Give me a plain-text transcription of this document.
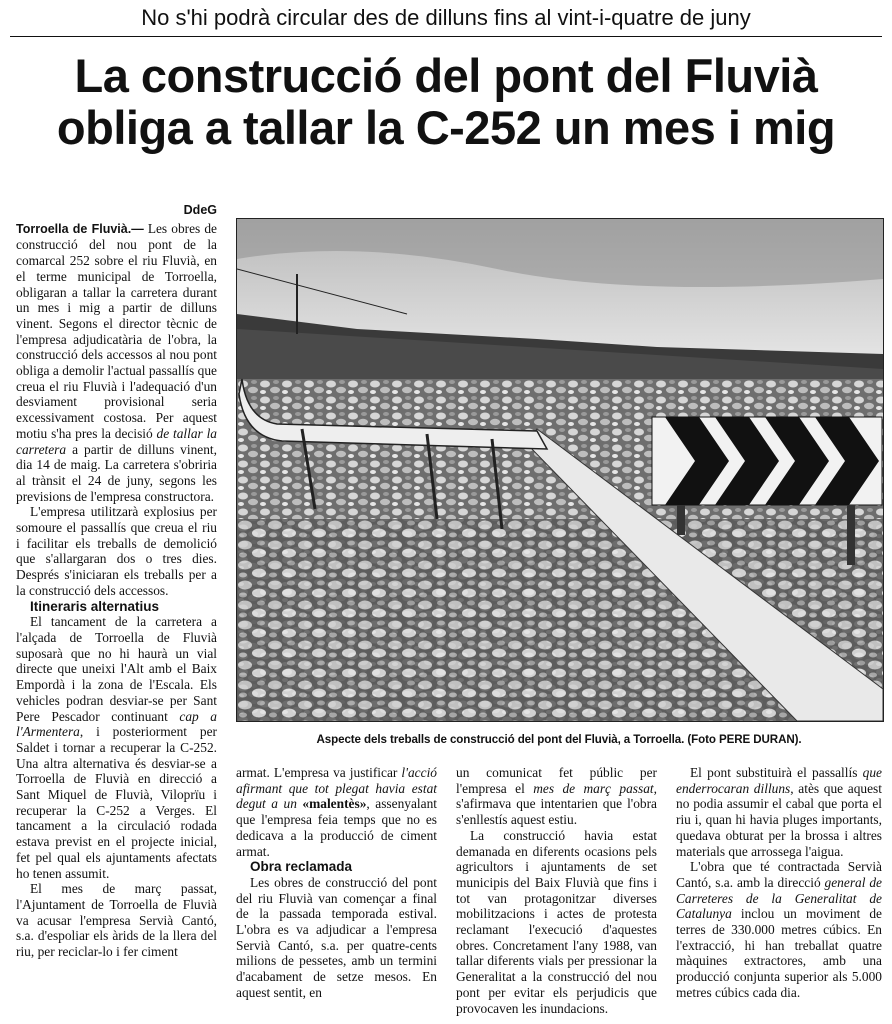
No s'hi podrà circular des de dilluns fins al vint-i-quatre de juny
La construcció del pont del Fluvià
obliga a tallar la C-252 un mes i mig
DdeG

Torroella de Fluvià.— Les obres de construcció del nou pont de la comarcal 252 sobre el riu Fluvià, en el terme municipal de Torroella, obligaran a tallar la carretera durant un mes i mig a partir de dilluns vinent. Segons el director tècnic de l'empresa adjudicatària de l'obra, la construcció dels accessos al nou pont obliga a demolir l'actual passallís que creua el riu Fluvià i l'adequació d'un desviament provisional seria excessivament costosa. Per aquest motiu s'ha pres la decisió de tallar la carretera a partir de dilluns vinent, dia 14 de maig. La carretera s'obriria al trànsit el 24 de juny, segons les previsions de l'empresa constructora.

L'empresa utilitzarà explosius per somoure el passallís que creua el riu i facilitar els treballs de demolició que s'allargaran dos o tres dies. Després s'iniciaran els treballs per a la construcció dels accessos.

Itineraris alternatius

El tancament de la carretera a l'alçada de Torroella de Fluvià suposarà que no hi haurà un vial directe que uneixi l'Alt amb el Baix Empordà i la zona de l'Escala. Els vehicles podran desviar-se per Sant Pere Pescador continuant cap a l'Armentera, i posteriorment per Saldet i tornar a recuperar la C-252. Una altra alternativa és desviar-se a Torroella de Fluvià en direcció a Sant Miquel de Fluvià, Viloprïu i recuperar la C-252 a Verges. El tancament a la circulació rodada estava previst en el projecte inicial, fet pel qual els ajuntaments afectats ho tenen assumit.

El mes de març passat, l'Ajuntament de Torroella de Fluvià va acusar l'empresa Servià Cantó, s.a. d'espoliar els àrids de la llera del riu, per reciclar-lo i fer ciment

Aspecte dels treballs de construcció del pont del Fluvià, a Torroella. (Foto PERE DURAN).

armat. L'empresa va justificar l'acció afirmant que tot plegat havia estat degut a un «malentès», assenyalant que l'empresa feia temps que no es dedicava a la producció de ciment armat.

Obra reclamada

Les obres de construcció del pont del riu Fluvià van començar a final de la passada temporada estival. L'obra es va adjudicar a l'empresa Servià Cantó, s.a. per quatre-cents milions de pessetes, amb un termini d'acabament de setze mesos. En aquest sentit, en

un comunicat fet públic per l'empresa el mes de març passat, s'afirmava que intentarien que l'obra s'enllestís aquest estiu.

La construcció havia estat demanada en diferents ocasions pels agricultors i ajuntaments de set municipis del Baix Fluvià que fins i tot van protagonitzar diverses mobilitzacions i actes de protesta reclamant l'execució d'aquestes obres. Concretament l'any 1988, van tallar diferents vials per pressionar la Generalitat a la construcció del nou pont per evitar els perjudicis que provocaven les inundacions.

El pont substituirà el passallís que enderrocaran dilluns, atès que aquest no podia assumir el cabal que porta el riu i, quan hi havia pluges importants, quedava obturat per la brossa i altres materials que arrossega l'aigua.

L'obra que té contractada Servià Cantó, s.a. amb la direcció general de Carreteres de la Generalitat de Catalunya inclou un moviment de terres de 330.000 metres cúbics. En l'extracció, hi han treballat quatre màquines extractores, amb una producció conjunta superior als 5.000 metres cúbics cada dia.
